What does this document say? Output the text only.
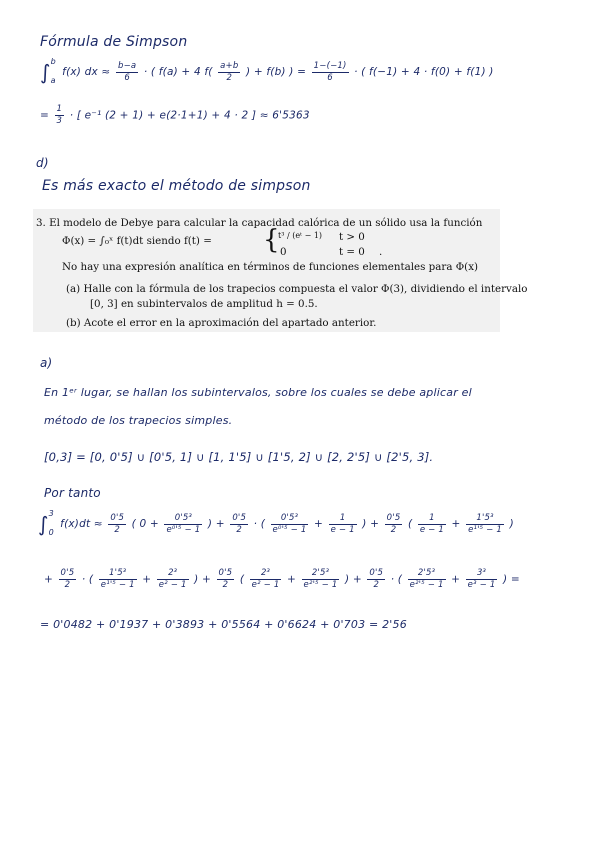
Fórmula de Simpson
∫ b
a
f(x) dx ≈ $\frac{b-a}{6}$ · ( f(a) + 4 $f( \frac{a+b}{2}$ ) + f(b) ) = $\frac{1-(-1)}{6}$ · ( f(−1) + 4 · f(0) + f(1) )
= $\frac{1}{3}$ · [ e⁻¹ (2 + 1) + e(2·1+1) + 4 · 2 ] ≈ 6'5363
d)
Es más exacto el método de simpson
3. El modelo de Debye para calcular la capacidad calórica de un sólido usa la función
Φ(x) = ∫₀ˣ f(t)dt siendo f(t) = {
t³ / (eᵗ − 1) t > 0
0	t = 0 .
No hay una expresión analítica en términos de funciones elementales para Φ(x)
(a) Halle con la fórmula de los trapecios compuesta el valor Φ(3), dividiendo el intervalo
[0, 3] en subintervalos de amplitud h = 0.5.
(b) Acote el error en la aproximación del apartado anterior.
a)
En 1ᵉʳ lugar, se hallan los subintervalos, sobre los cuales se debe aplicar el
método de los trapecios simples.
[0,3] = [0, 0'5] ∪ [0'5, 1] ∪ [1, 1'5] ∪ [1'5, 2] ∪ [2, 2'5] ∪ [2'5, 3].
Por tanto
∫ 3
0
$f(x)dt \approx \frac{0'5}{2}$ ( $0 + \frac{\text{0'5³}}{\text{e⁰'⁵ − 1}}$ ) + $\frac{0'5}{2}$ · ( $\frac{\text{0'5³}}{\text{e⁰'⁵ − 1}} + \frac{1}{e - 1}$ ) + $\frac{0'5}{2}$ ( $\frac{1}{e - 1} + \frac{\text{1'5³}}{\text{e¹'⁵ − 1}}$ )
+ $\frac{0'5}{2}$ · ( $\frac{\text{1'5³}}{\text{e¹'⁵ − 1}} + \frac{\text{2³}}{\text{e² − 1}}$ ) + $\frac{0'5}{2}$ ( $\frac{\text{2³}}{\text{e² − 1}} + \frac{\text{2'5³}}{\text{e²'⁵ − 1}}$ ) + $\frac{0'5}{2}$ · ( $\frac{\text{2'5³}}{\text{e²'⁵ − 1}} + \frac{\text{3³}}{\text{e³ − 1}}$ ) =
= 0'0482 + 0'1937 + 0'3893 + 0'5564 + 0'6624 + 0'703 = 2'56
